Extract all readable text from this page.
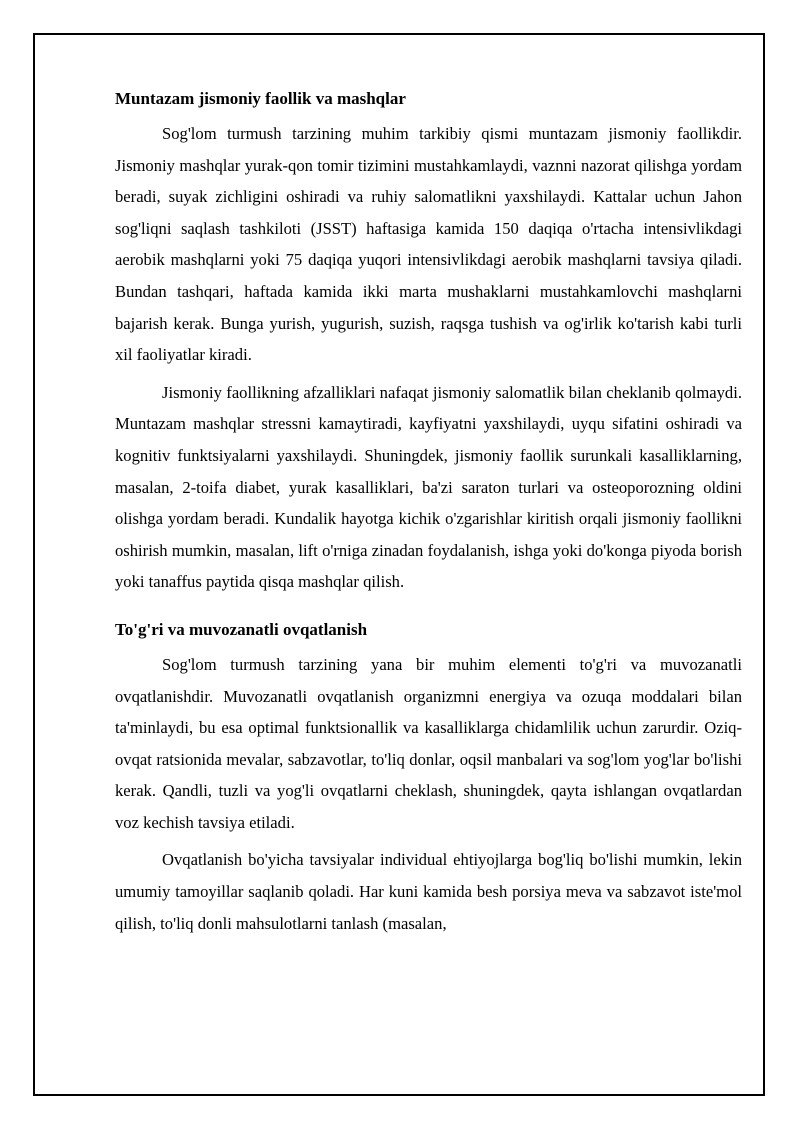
Muntazam jismoniy faollik va mashqlar

Sog'lom turmush tarzining muhim tarkibiy qismi muntazam jismoniy faollikdir. Jismoniy mashqlar yurak-qon tomir tizimini mustahkamlaydi, vaznni nazorat qilishga yordam beradi, suyak zichligini oshiradi va ruhiy salomatlikni yaxshilaydi. Kattalar uchun Jahon sog'liqni saqlash tashkiloti (JSST) haftasiga kamida 150 daqiqa o'rtacha intensivlikdagi aerobik mashqlarni yoki 75 daqiqa yuqori intensivlikdagi aerobik mashqlarni tavsiya qiladi. Bundan tashqari, haftada kamida ikki marta mushaklarni mustahkamlovchi mashqlarni bajarish kerak. Bunga yurish, yugurish, suzish, raqsga tushish va og'irlik ko'tarish kabi turli xil faoliyatlar kiradi.

Jismoniy faollikning afzalliklari nafaqat jismoniy salomatlik bilan cheklanib qolmaydi. Muntazam mashqlar stressni kamaytiradi, kayfiyatni yaxshilaydi, uyqu sifatini oshiradi va kognitiv funktsiyalarni yaxshilaydi. Shuningdek, jismoniy faollik surunkali kasalliklarning, masalan, 2-toifa diabet, yurak kasalliklari, ba'zi saraton turlari va osteoporozning oldini olishga yordam beradi. Kundalik hayotga kichik o'zgarishlar kiritish orqali jismoniy faollikni oshirish mumkin, masalan, lift o'rniga zinadan foydalanish, ishga yoki do'konga piyoda borish yoki tanaffus paytida qisqa mashqlar qilish.

To'g'ri va muvozanatli ovqatlanish

Sog'lom turmush tarzining yana bir muhim elementi to'g'ri va muvozanatli ovqatlanishdir. Muvozanatli ovqatlanish organizmni energiya va ozuqa moddalari bilan ta'minlaydi, bu esa optimal funktsionallik va kasalliklarga chidamlilik uchun zarurdir. Oziq-ovqat ratsionida mevalar, sabzavotlar, to'liq donlar, oqsil manbalari va sog'lom yog'lar bo'lishi kerak. Qandli, tuzli va yog'li ovqatlarni cheklash, shuningdek, qayta ishlangan ovqatlardan voz kechish tavsiya etiladi.

Ovqatlanish bo'yicha tavsiyalar individual ehtiyojlarga bog'liq bo'lishi mumkin, lekin umumiy tamoyillar saqlanib qoladi. Har kuni kamida besh porsiya meva va sabzavot iste'mol qilish, to'liq donli mahsulotlarni tanlash (masalan,
